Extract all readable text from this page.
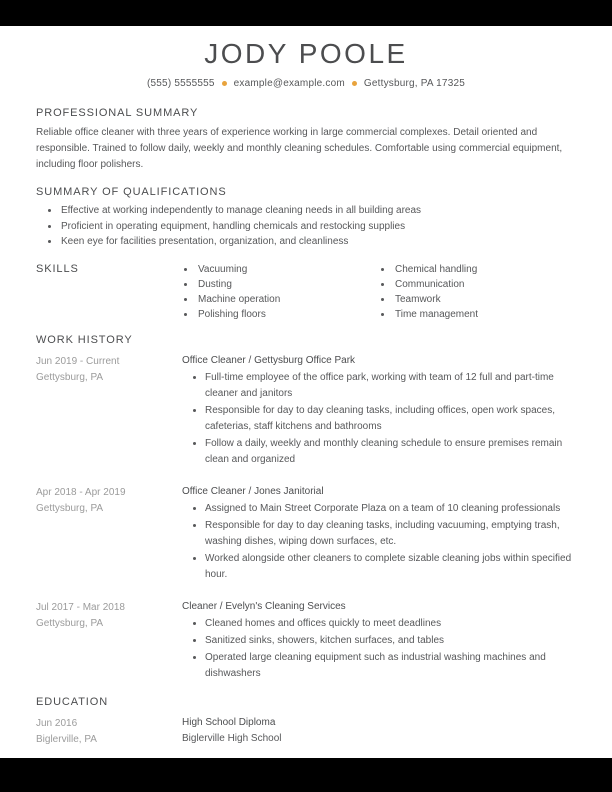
JODY POOLE
(555) 5555555 example@example.com Gettysburg, PA 17325
PROFESSIONAL SUMMARY

Reliable office cleaner with three years of experience working in large commercial complexes. Detail oriented and responsible. Trained to follow daily, weekly and monthly cleaning schedules. Comfortable using commercial equipment, including floor polishers.

SUMMARY OF QUALIFICATIONS
• Effective at working independently to manage cleaning needs in all building areas
• Proficient in operating equipment, handling chemicals and restocking supplies
• Keen eye for facilities presentation, organization, and cleanliness
SKILLS	• Vacuuming
• Dusting
• Machine operation
• Polishing floors
• Chemical handling
• Communication
• Teamwork
• Time management
WORK HISTORY
Jun 2019 - Current
Gettysburg, PA
Office Cleaner / Gettysburg Office Park
• Full-time employee of the office park, working with team of 12 full and part-time cleaner and janitors
• Responsible for day to day cleaning tasks, including offices, open work spaces, cafeterias, staff kitchens and bathrooms
• Follow a daily, weekly and monthly cleaning schedule to ensure premises remain clean and organized
Apr 2018 - Apr 2019
Gettysburg, PA
Office Cleaner / Jones Janitorial
• Assigned to Main Street Corporate Plaza on a team of 10 cleaning professionals
• Responsible for day to day cleaning tasks, including vacuuming, emptying trash, washing dishes, wiping down surfaces, etc.
• Worked alongside other cleaners to complete sizable cleaning jobs within specified hour.
Jul 2017 - Mar 2018
Gettysburg, PA
Cleaner / Evelyn's Cleaning Services
• Cleaned homes and offices quickly to meet deadlines
• Sanitized sinks, showers, kitchen surfaces, and tables
• Operated large cleaning equipment such as industrial washing machines and dishwashers
EDUCATION
Jun 2016
Biglerville, PA
High School Diploma
Biglerville High School
